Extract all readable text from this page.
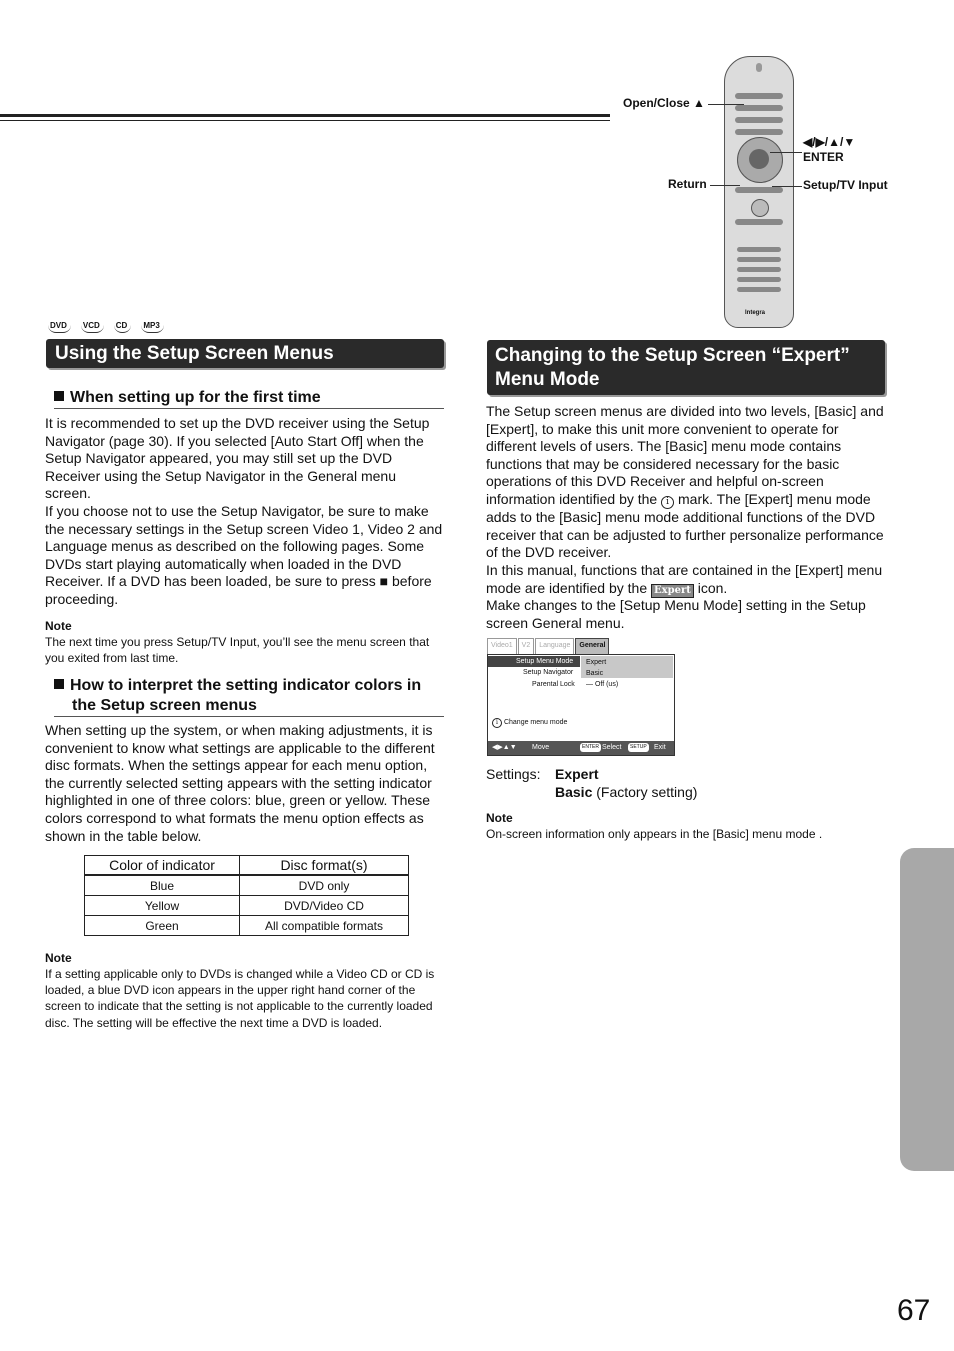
Integra
Open/Close ▲
◀/▶/▲/▼
ENTER
Return	Setup/TV Input
DVD	VCD	CD	MP3
Using the Setup Screen Menus
When setting up for the first time
It is recommended to set up the DVD receiver using the Setup Navigator (page 30). If you selected [Auto Start Off] when the Setup Navigator appeared, you may still set up the DVD Receiver using the Setup Navigator in the General menu screen.
If you choose not to use the Setup Navigator, be sure to make the necessary settings in the Setup screen Video 1, Video 2 and Language menus as described on the following pages. Some DVDs start playing automatically when loaded in the DVD Receiver. If a DVD has been loaded, be sure to press ■ before proceeding.
Note
The next time you press Setup/TV Input, you’ll see the menu screen that you exited from last time.
How to interpret the setting indicator colors in the Setup screen menus
When setting up the system, or when making adjustments, it is convenient to know what settings are applicable to the different disc formats. When the settings appear for each menu option, the currently selected setting appears with the setting indicator highlighted in one of three colors: blue, green or yellow. These colors correspond to what formats the menu option effects as shown in the table below.
Color of indicator	Disc format(s)
Blue	DVD only
Yellow	DVD/Video CD
Green	All compatible formats
Note
If a setting applicable only to DVDs is changed while a Video CD or CD is loaded, a blue DVD icon appears in the upper right hand corner of the screen to indicate that the setting is not applicable to the currently loaded disc. The setting will be effective the next time a DVD is loaded.
Changing to the Setup Screen “Expert” Menu Mode
The Setup screen menus are divided into two levels, [Basic] and [Expert], to make this unit more convenient to operate for different levels of users. The [Basic] menu mode contains functions that may be considered necessary for the basic operations of this DVD Receiver and helpful on-screen information identified by the i mark. The [Expert] menu mode adds to the [Basic] menu mode additional functions of the DVD receiver that can be adjusted to further personalize performance of the DVD receiver.
In this manual, functions that are contained in the [Expert] menu mode are identified by the Expert icon.
Make changes to the [Setup Menu Mode] setting in the Setup screen General menu.
Video1	V2	Language	General
Setup Menu Mode Expert
Setup Navigator Basic
Parental Lock — Off (us)
i Change menu mode
◀▶▲▼ Move	ENTER Select	SETUP Exit
Settings: Expert
Basic (Factory setting)
Note
On-screen information only appears in the [Basic] menu mode .
67
